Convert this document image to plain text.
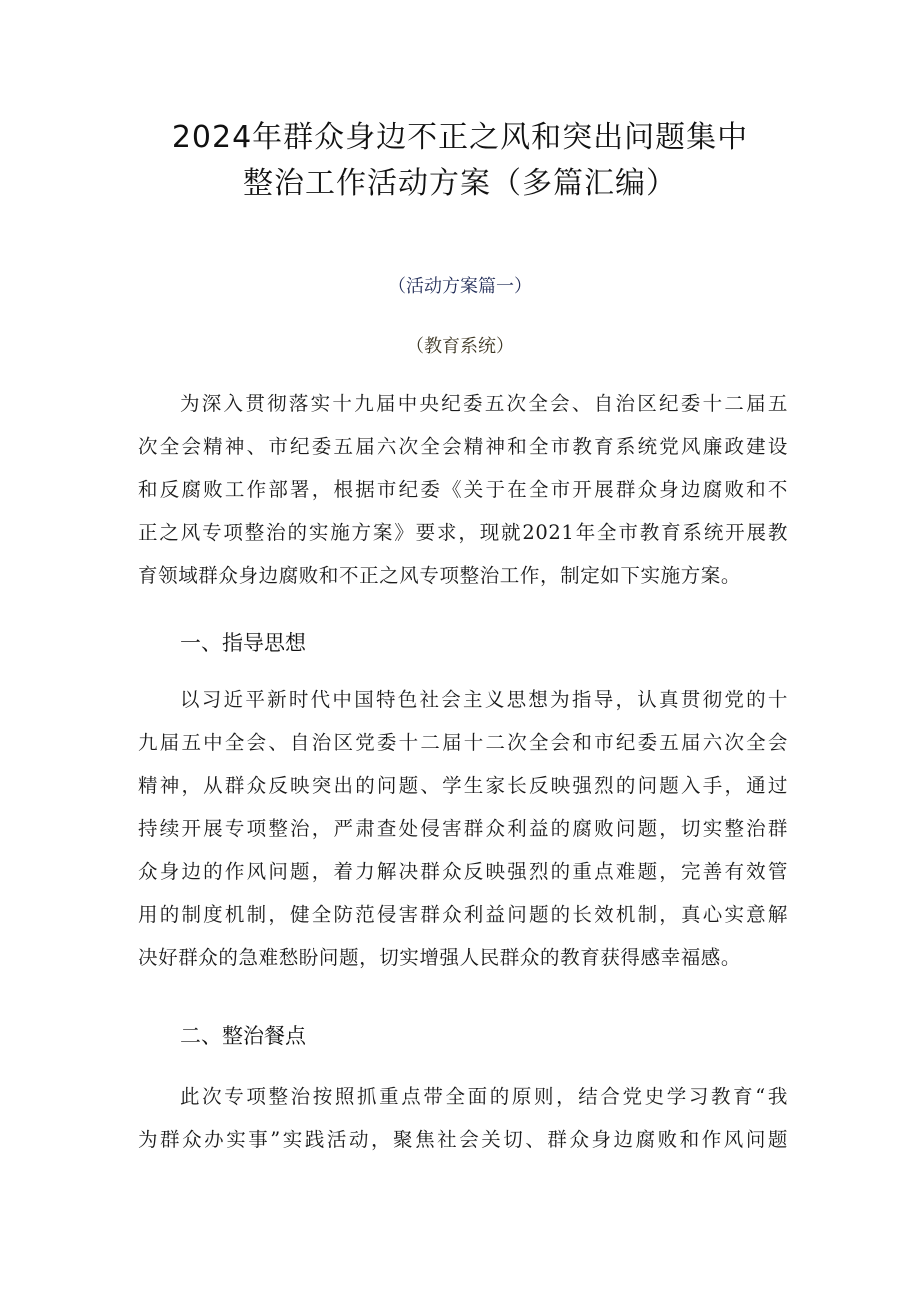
2024年群众身边不正之风和突出问题集中
整治工作活动方案（多篇汇编）
（活动方案篇一）
（教育系统）
为深入贯彻落实十九届中央纪委五次全会、自治区纪委十二届五
次全会精神、市纪委五届六次全会精神和全市教育系统党风廉政建设
和反腐败工作部署，根据市纪委《关于在全市开展群众身边腐败和不
正之风专项整治的实施方案》要求，现就2021年全市教育系统开展教
育领域群众身边腐败和不正之风专项整治工作，制定如下实施方案。
一、指导思想
以习近平新时代中国特色社会主义思想为指导，认真贯彻党的十
九届五中全会、自治区党委十二届十二次全会和市纪委五届六次全会
精神，从群众反映突出的问题、学生家长反映强烈的问题入手，通过
持续开展专项整治，严肃查处侵害群众利益的腐败问题，切实整治群
众身边的作风问题，着力解决群众反映强烈的重点难题，完善有效管
用的制度机制，健全防范侵害群众利益问题的长效机制，真心实意解
决好群众的急难愁盼问题，切实增强人民群众的教育获得感幸福感。
二、整治餐点
此次专项整治按照抓重点带全面的原则，结合党史学习教育“我
为群众办实事”实践活动，聚焦社会关切、群众身边腐败和作风问题
